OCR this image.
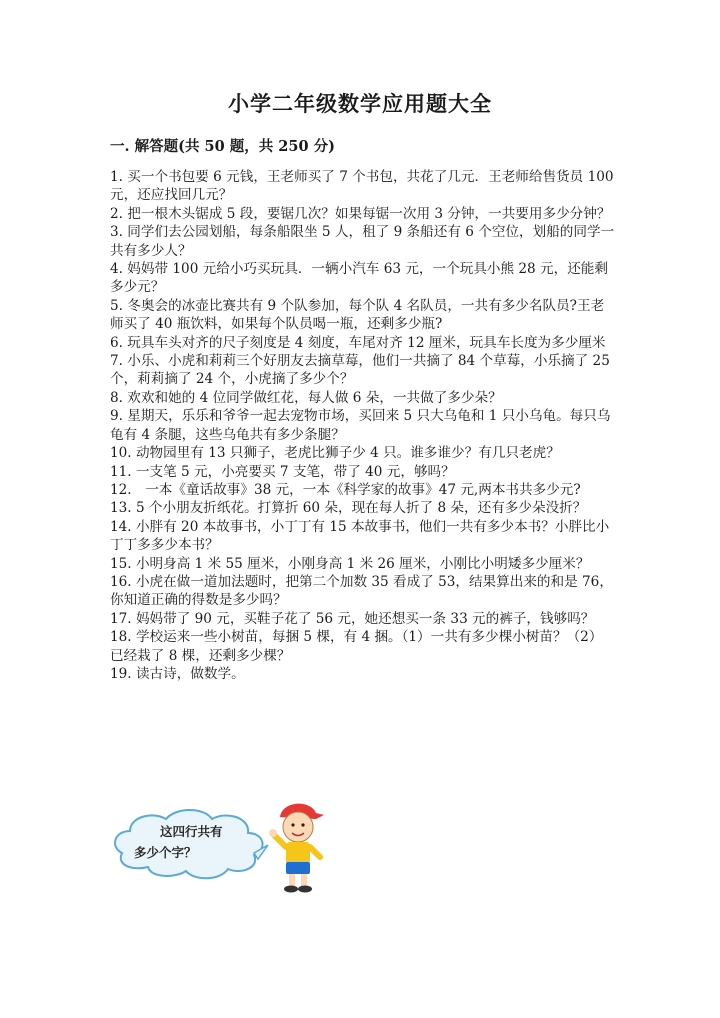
小学二年级数学应用题大全
一. 解答题(共 50 题，共 250 分)

1. 买一个书包要 6 元钱，王老师买了 7 个书包，共花了几元．王老师给售货员 100 元，还应找回几元？

2. 把一根木头锯成 5 段，要锯几次？如果每锯一次用 3 分钟，一共要用多少分钟？

3. 同学们去公园划船，每条船限坐 5 人，租了 9 条船还有 6 个空位，划船的同学一共有多少人？

4. 妈妈带 100 元给小巧买玩具．一辆小汽车 63 元，一个玩具小熊 28 元，还能剩多少元？

5. 冬奥会的冰壶比赛共有 9 个队参加，每个队 4 名队员，一共有多少名队员?王老师买了 40 瓶饮料，如果每个队员喝一瓶，还剩多少瓶?

6. 玩具车头对齐的尺子刻度是 4 刻度，车尾对齐 12 厘米，玩具车长度为多少厘米

7. 小乐、小虎和莉莉三个好朋友去摘草莓，他们一共摘了 84 个草莓，小乐摘了 25 个，莉莉摘了 24 个，小虎摘了多少个？

8. 欢欢和她的 4 位同学做红花，每人做 6 朵，一共做了多少朵？

9. 星期天，乐乐和爷爷一起去宠物市场，买回来 5 只大乌龟和 1 只小乌龟。每只乌龟有 4 条腿，这些乌龟共有多少条腿？

10. 动物园里有 13 只狮子，老虎比狮子少 4 只。谁多谁少？有几只老虎？

11. 一支笔 5 元，小亮要买 7 支笔，带了 40 元，够吗？

12.　一本《童话故事》38 元，一本《科学家的故事》47 元,两本书共多少元?

13. 5 个小朋友折纸花。打算折 60 朵，现在每人折了 8 朵，还有多少朵没折？

14. 小胖有 20 本故事书，小丁丁有 15 本故事书，他们一共有多少本书？小胖比小丁丁多多少本书？

15. 小明身高 1 米 55 厘米，小刚身高 1 米 26 厘米，小刚比小明矮多少厘米？

16. 小虎在做一道加法题时，把第二个加数 35 看成了 53，结果算出来的和是 76，你知道正确的得数是多少吗？

17. 妈妈带了 90 元，买鞋子花了 56 元，她还想买一条 33 元的裤子，钱够吗？

18. 学校运来一些小树苗，每捆 5 棵，有 4 捆。（1）一共有多少棵小树苗？（2）已经栽了 8 棵，还剩多少棵？

19. 读古诗，做数学。

这四行共有
多少个字？
